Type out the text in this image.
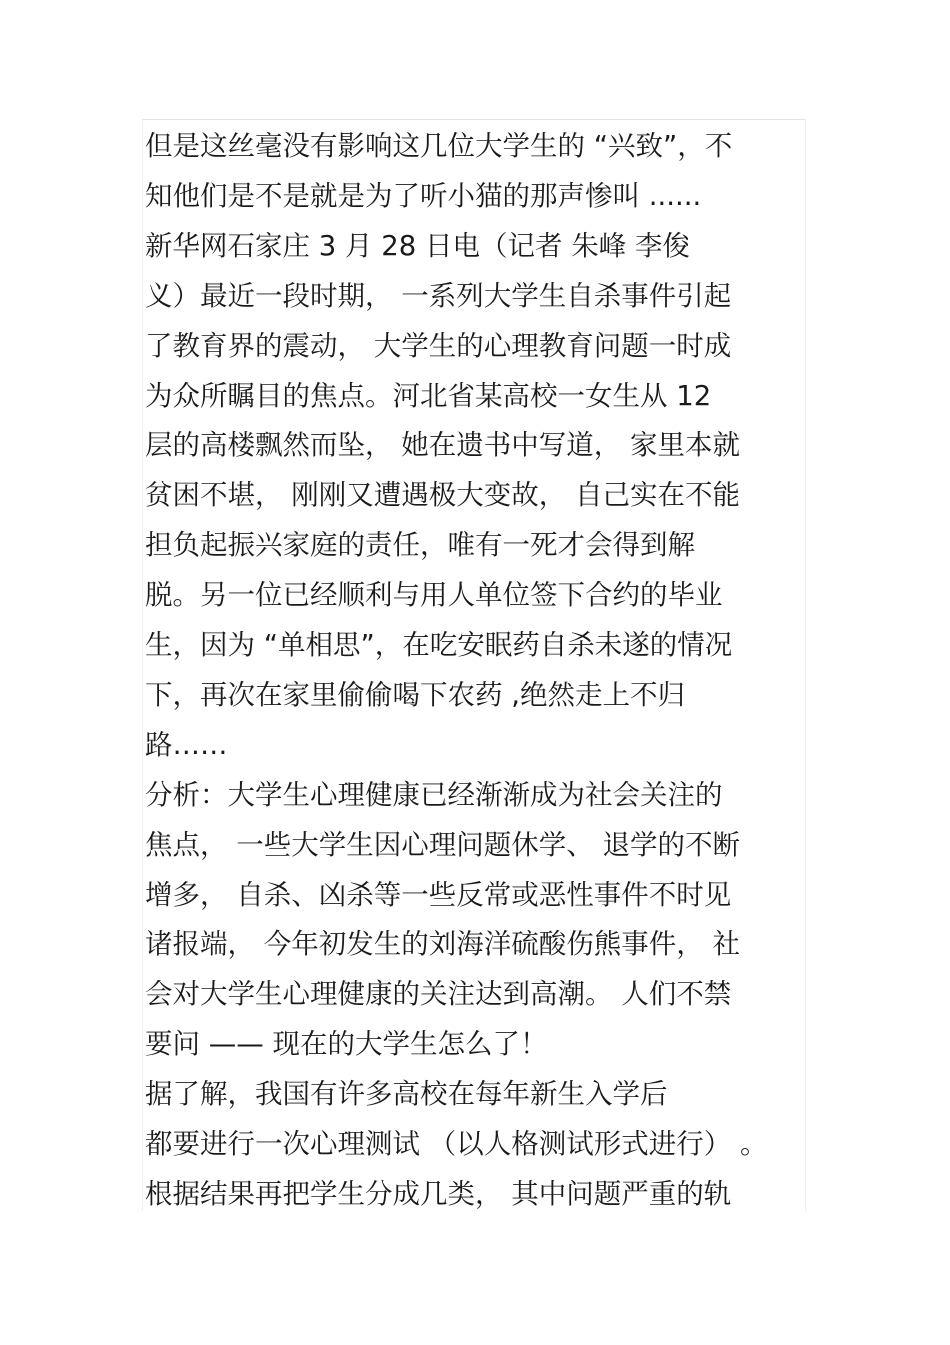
但是这丝毫没有影响这几位大学生的 “兴致”，不
知他们是不是就是为了听小猫的那声惨叫 ......
新华网石家庄 3 月 28 日电（记者 朱峰 李俊
义）最近一段时期， 一系列大学生自杀事件引起
了教育界的震动， 大学生的心理教育问题一时成
为众所瞩目的焦点。河北省某高校一女生从 12
层的高楼飘然而坠， 她在遗书中写道， 家里本就
贫困不堪， 刚刚又遭遇极大变故， 自己实在不能
担负起振兴家庭的责任，唯有一死才会得到解
脱。另一位已经顺利与用人单位签下合约的毕业
生，因为 “单相思”，在吃安眠药自杀未遂的情况
下，再次在家里偷偷喝下农药 ,绝然走上不归
路……
分析：大学生心理健康已经渐渐成为社会关注的
焦点， 一些大学生因心理问题休学、 退学的不断
增多， 自杀、凶杀等一些反常或恶性事件不时见
诸报端， 今年初发生的刘海洋硫酸伤熊事件， 社
会对大学生心理健康的关注达到高潮。 人们不禁
要问 —— 现在的大学生怎么了！
据了解，我国有许多高校在每年新生入学后
都要进行一次心理测试 （以人格测试形式进行） 。
根据结果再把学生分成几类， 其中问题严重的轨
